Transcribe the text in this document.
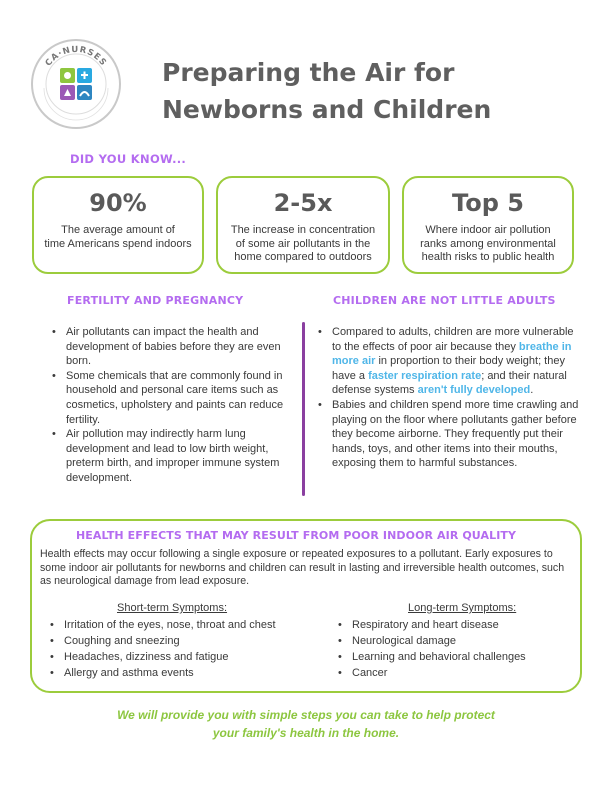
CA·NURSES Preparing the Air for
Newborns and Children
DID YOU KNOW...
90%
The average amount of
time Americans spend indoors
2-5x
The increase in concentration
of some air pollutants in the
home compared to outdoors
Top 5
Where indoor air pollution
ranks among environmental
health risks to public health
FERTILITY AND PREGNANCY	CHILDREN ARE NOT LITTLE ADULTS
• Air pollutants can impact the health and development of babies before they are even born.
• Some chemicals that are commonly found in household and personal care items such as cosmetics, upholstery and paints can reduce fertility.
• Air pollution may indirectly harm lung development and lead to low birth weight, preterm birth, and improper immune system development.
• Compared to adults, children are more vulnerable to the effects of poor air because they breathe in more air in proportion to their body weight; they have a faster respiration rate; and their natural defense systems aren't fully developed.
• Babies and children spend more time crawling and playing on the floor where pollutants gather before they become airborne. They frequently put their hands, toys, and other items into their mouths, exposing them to harmful substances.
HEALTH EFFECTS THAT MAY RESULT FROM POOR INDOOR AIR QUALITY
Health effects may occur following a single exposure or repeated exposures to a pollutant. Early exposures to some indoor air pollutants for newborns and children can result in lasting and irreversible health outcomes, such as neurological damage from lead exposure.
Short-term Symptoms:	Long-term Symptoms:
• Irritation of the eyes, nose, throat and chest
• Coughing and sneezing
• Headaches, dizziness and fatigue
• Allergy and asthma events
• Respiratory and heart disease
• Neurological damage
• Learning and behavioral challenges
• Cancer
We will provide you with simple steps you can take to help protect
your family's health in the home.
